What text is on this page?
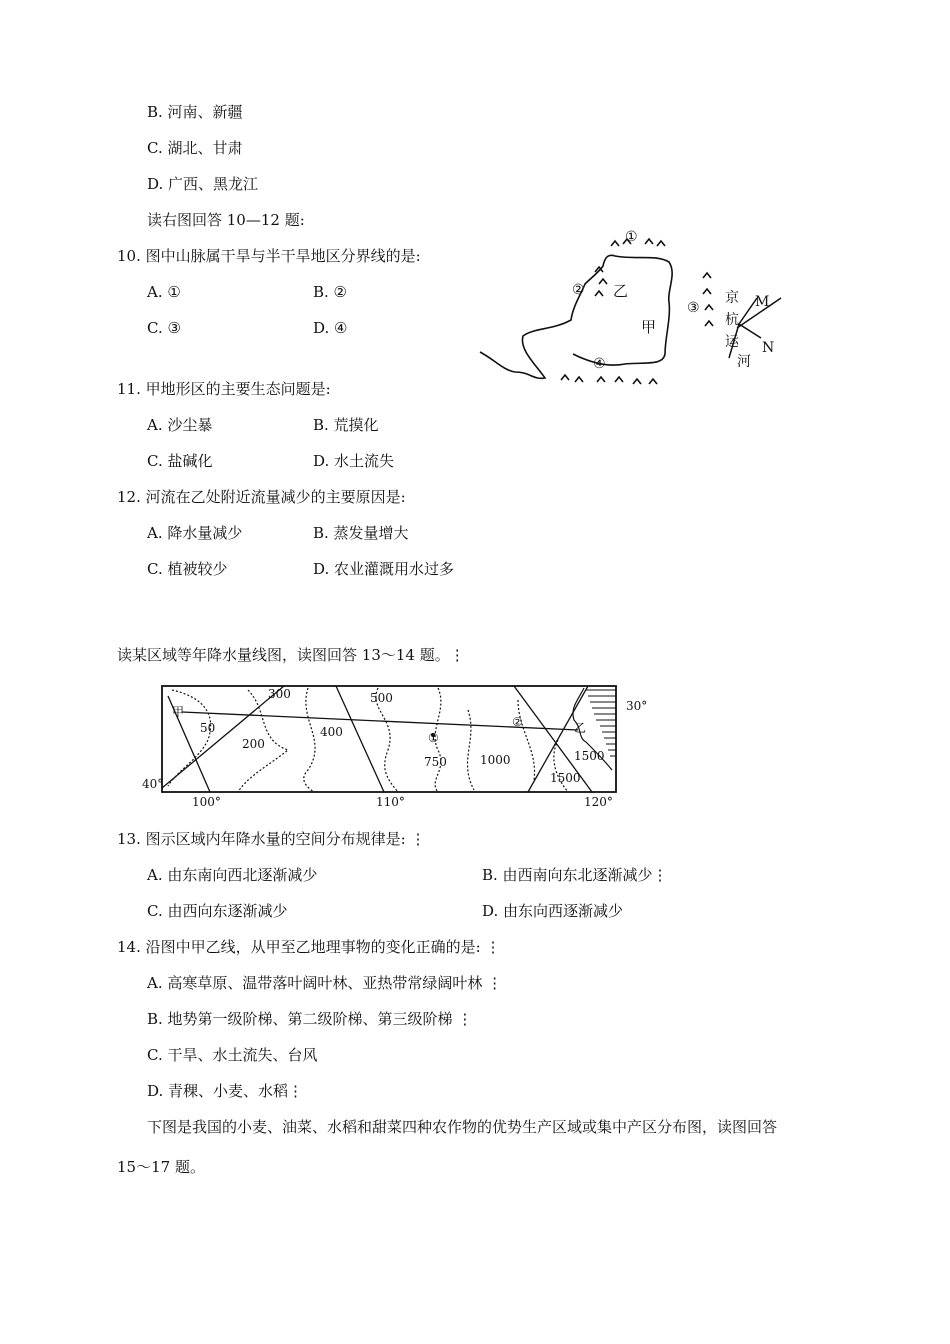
B. 河南、新疆
C. 湖北、甘肃
D. 广西、黑龙江
读右图回答 10—12 题:
10. 图中山脉属干旱与半干旱地区分界线的是:
A. ①	B. ②
C. ③	D. ④
①
②
③
④
乙
甲
京
杭
运
河
M
N
11. 甲地形区的主要生态问题是:
A. 沙尘暴	B. 荒摸化
C. 盐碱化	D. 水土流失
12. 河流在乙处附近流量减少的主要原因是:
A. 降水量减少	B. 蒸发量增大
C. 植被较少	D. 农业灌溉用水过多
读某区域等年降水量线图，读图回答 13～14 题。⋮
30°
40°
100°	110°	120°
甲
乙
50
200
300
400
500
750	1000	1500
1500
①
②
13. 图示区域内年降水量的空间分布规律是: ⋮
A. 由东南向西北逐渐减少	B. 由西南向东北逐渐减少⋮
C. 由西向东逐渐减少	D. 由东向西逐渐减少
14. 沿图中甲乙线，从甲至乙地理事物的变化正确的是: ⋮
A. 高寒草原、温带落叶阔叶林、亚热带常绿阔叶林 ⋮
B. 地势第一级阶梯、第二级阶梯、第三级阶梯 ⋮
C. 干旱、水土流失、台风
D. 青稞、小麦、水稻⋮
下图是我国的小麦、油菜、水稻和甜菜四种农作物的优势生产区域或集中产区分布图，读图回答
15～17 题。
